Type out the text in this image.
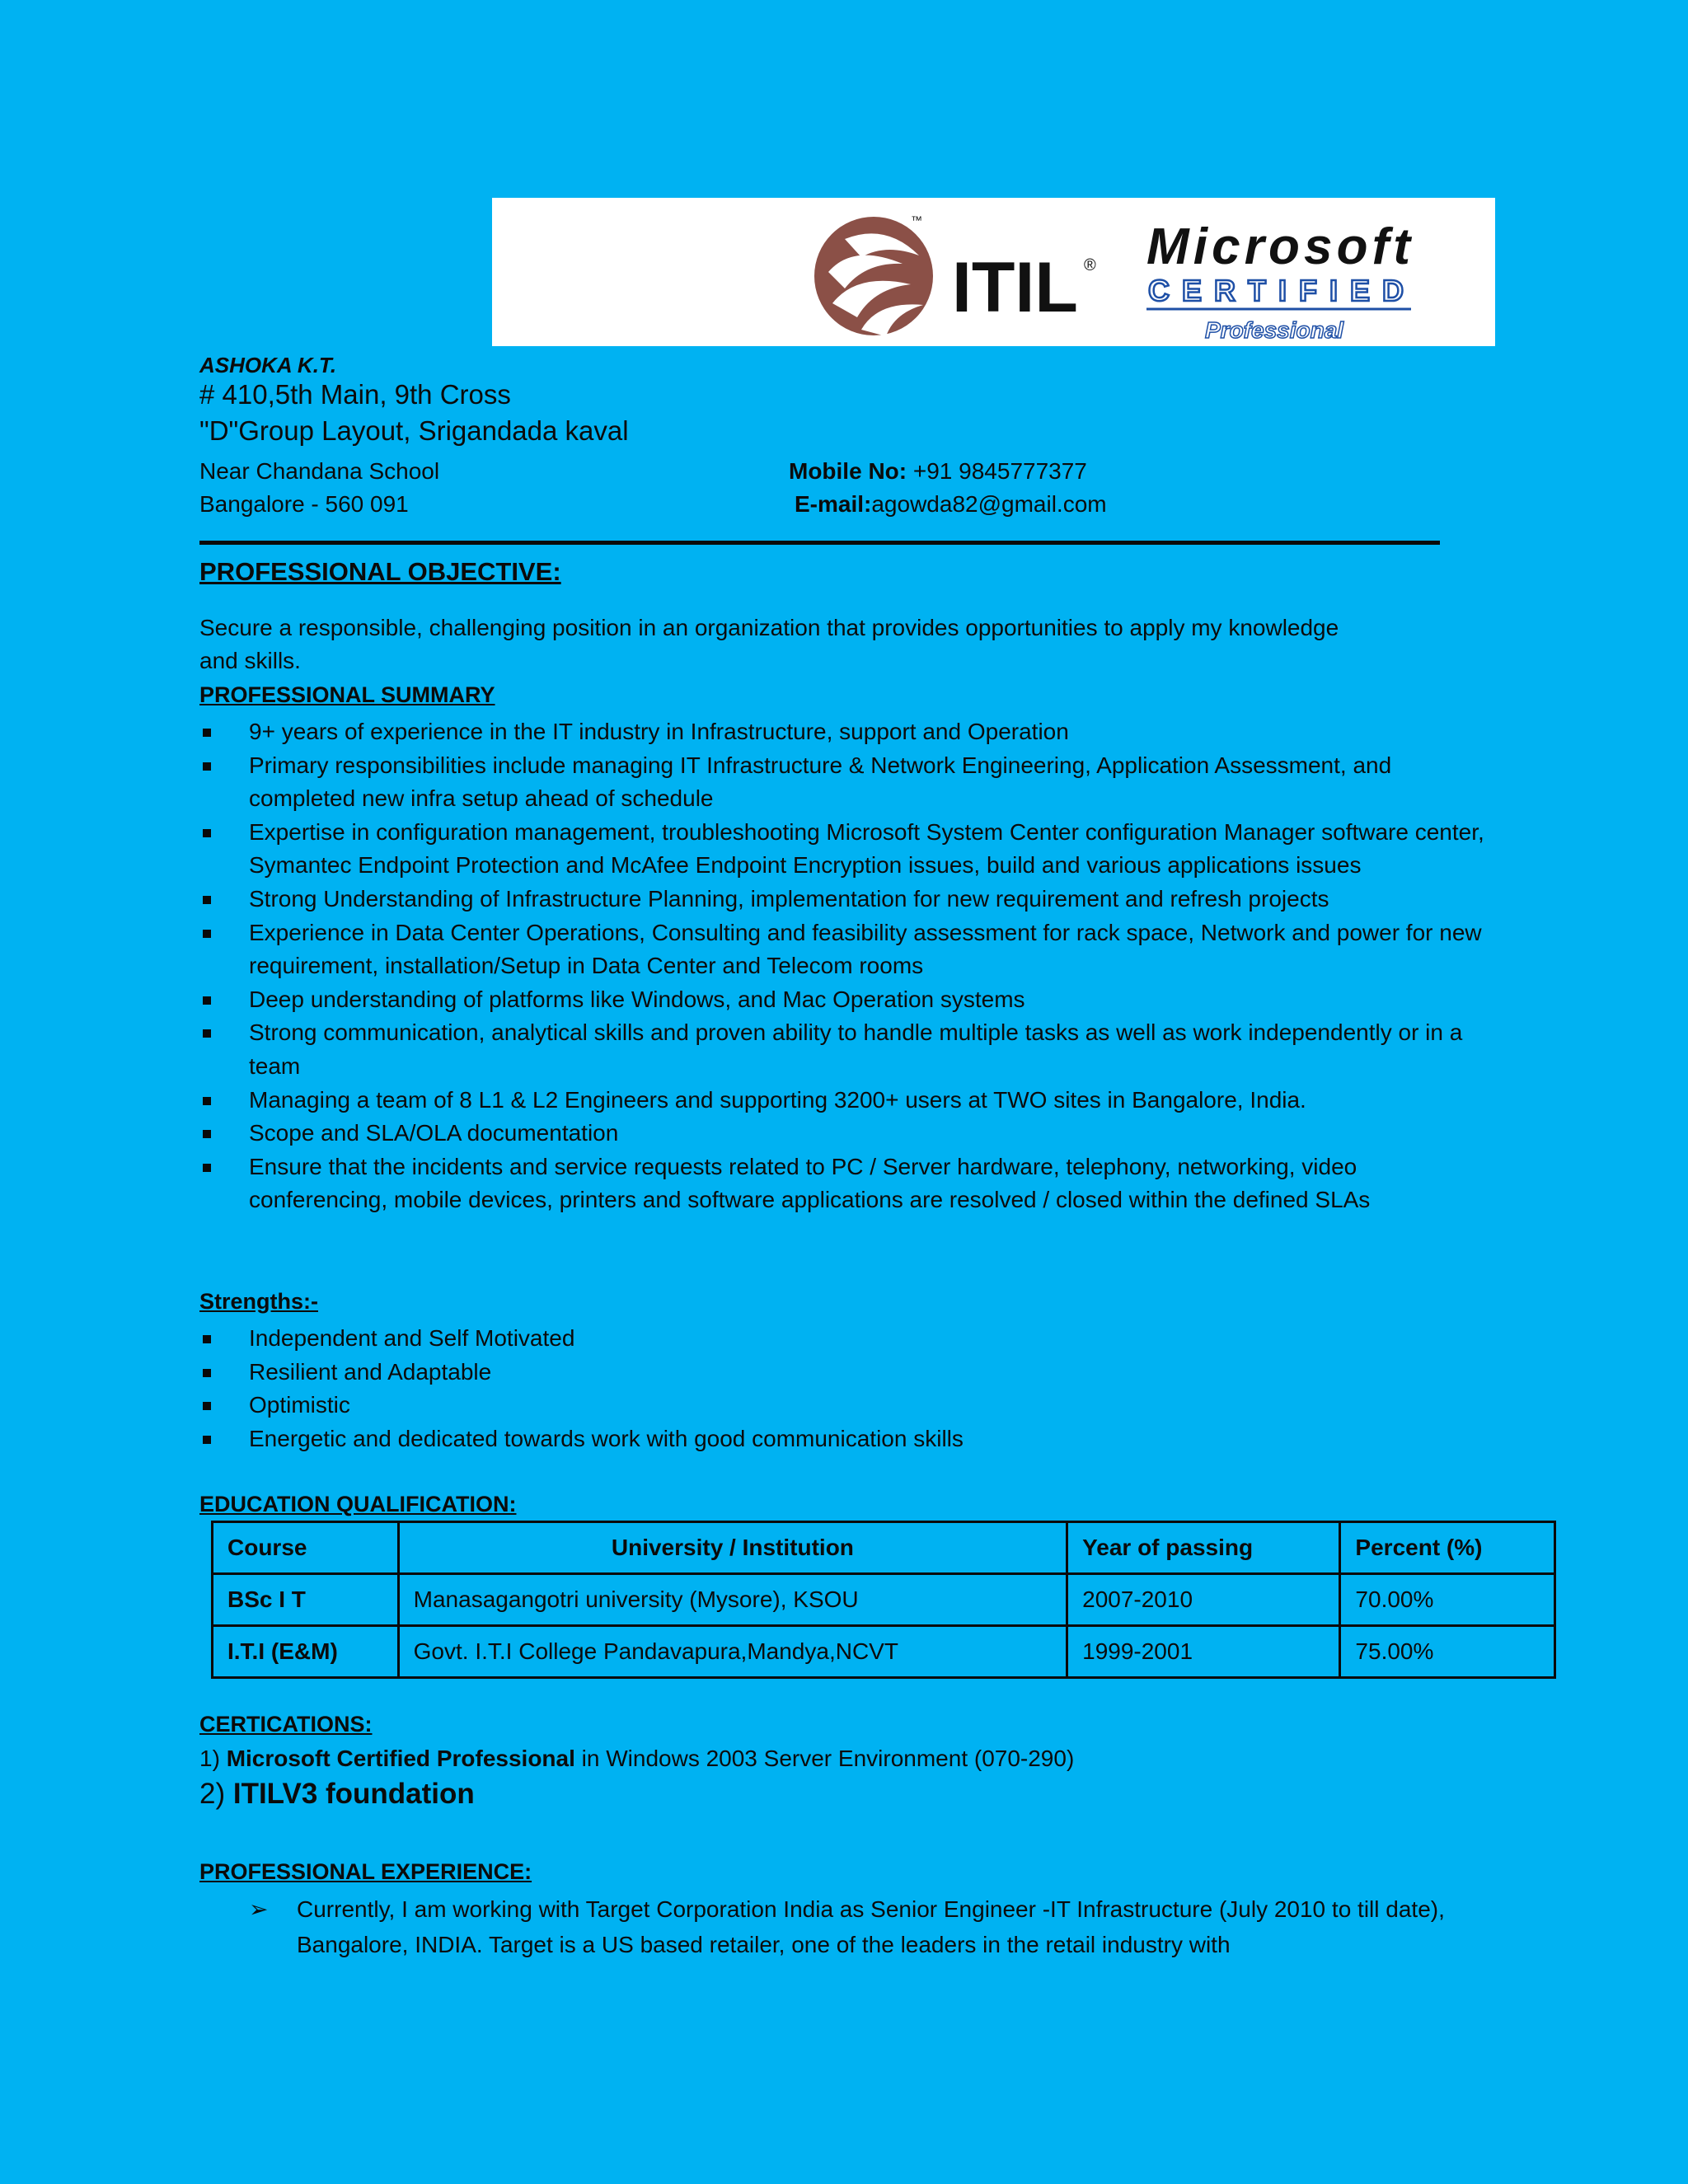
ITIL
™
® Microsoft
CERTIFIED
Professional
ASHOKA K.T.
# 410,5th Main, 9th Cross
"D"Group Layout, Srigandada kaval
Near Chandana School
Bangalore - 560 091
Mobile No: +91 9845777377
E-mail:agowda82@gmail.com
PROFESSIONAL OBJECTIVE:
Secure a responsible, challenging position in an organization that provides opportunities to apply my knowledge
and skills.
PROFESSIONAL SUMMARY
9+ years of experience in the IT industry in Infrastructure, support and Operation
Primary responsibilities include managing IT Infrastructure & Network Engineering, Application Assessment, and completed new infra setup ahead of schedule
Expertise in configuration management, troubleshooting Microsoft System Center configuration Manager software center, Symantec Endpoint Protection and McAfee Endpoint Encryption issues, build and various applications issues
Strong Understanding of Infrastructure Planning, implementation for new requirement and refresh projects
Experience in Data Center Operations, Consulting and feasibility assessment for rack space, Network and power for new requirement, installation/Setup in Data Center and Telecom rooms
Deep understanding of platforms like Windows, and Mac Operation systems
Strong communication, analytical skills and proven ability to handle multiple tasks as well as work independently or in a team
Managing a team of 8 L1 & L2 Engineers and supporting 3200+ users at TWO sites in Bangalore, India.
Scope and SLA/OLA documentation
Ensure that the incidents and service requests related to PC / Server hardware, telephony, networking, video conferencing, mobile devices, printers and software applications are resolved / closed within the defined SLAs
Strengths:-
Independent and Self Motivated
Resilient and Adaptable
Optimistic
Energetic and dedicated towards work with good communication skills
EDUCATION QUALIFICATION:
Course	University / Institution	Year of passing	Percent (%)
BSc I T	Manasagangotri university (Mysore), KSOU	2007-2010	70.00%
I.T.I (E&M)	Govt. I.T.I College Pandavapura,Mandya,NCVT	1999-2001	75.00%
CERTICATIONS:
1) Microsoft Certified Professional in Windows 2003 Server Environment (070-290)
2) ITILV3 foundation
PROFESSIONAL EXPERIENCE:
➢ Currently, I am working with Target Corporation India as Senior Engineer -IT Infrastructure (July 2010 to till date), Bangalore, INDIA. Target is a US based retailer, one of the leaders in the retail industry with
